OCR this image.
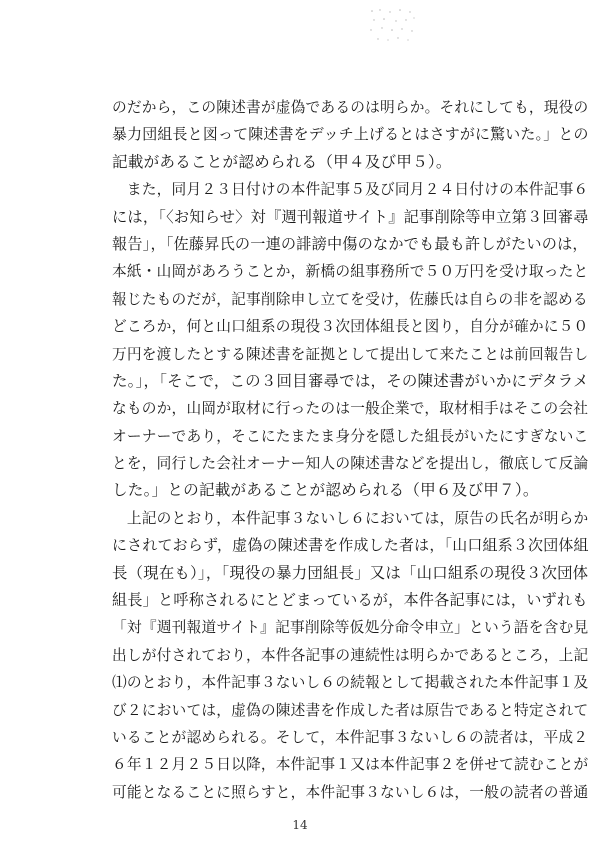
のだから，この陳述書が虚偽であるのは明らか。それにしても，現役の
暴力団組長と図って陳述書をデッチ上げるとはさすがに驚いた。」との
記載があることが認められる（甲４及び甲５）。
　また，同月２３日付けの本件記事５及び同月２４日付けの本件記事６
には，「〈お知らせ〉対『週刊報道サイト』記事削除等申立第３回審尋
報告」，「佐藤昇氏の一連の誹謗中傷のなかでも最も許しがたいのは，
本紙・山岡があろうことか，新橋の組事務所で５０万円を受け取ったと
報じたものだが，記事削除申し立てを受け，佐藤氏は自らの非を認める
どころか，何と山口組系の現役３次団体組長と図り，自分が確かに５０
万円を渡したとする陳述書を証拠として提出して来たことは前回報告し
た。」，「そこで，この３回目審尋では，その陳述書がいかにデタラメ
なものか，山岡が取材に行ったのは一般企業で，取材相手はそこの会社
オーナーであり，そこにたまたま身分を隠した組長がいたにすぎないこ
とを，同行した会社オーナー知人の陳述書などを提出し，徹底して反論
した。」との記載があることが認められる（甲６及び甲７）。
　上記のとおり，本件記事３ないし６においては，原告の氏名が明らか
にされておらず，虚偽の陳述書を作成した者は，「山口組系３次団体組
長（現在も）」，「現役の暴力団組長」又は「山口組系の現役３次団体
組長」と呼称されるにとどまっているが，本件各記事には，いずれも
「対『週刊報道サイト』記事削除等仮処分命令申立」という語を含む見
出しが付されており，本件各記事の連続性は明らかであるところ，上記
⑴のとおり，本件記事３ないし６の続報として掲載された本件記事１及
び２においては，虚偽の陳述書を作成した者は原告であると特定されて
いることが認められる。そして，本件記事３ないし６の読者は，平成２
６年１２月２５日以降，本件記事１又は本件記事２を併せて読むことが
可能となることに照らすと，本件記事３ないし６は，一般の読者の普通
14
